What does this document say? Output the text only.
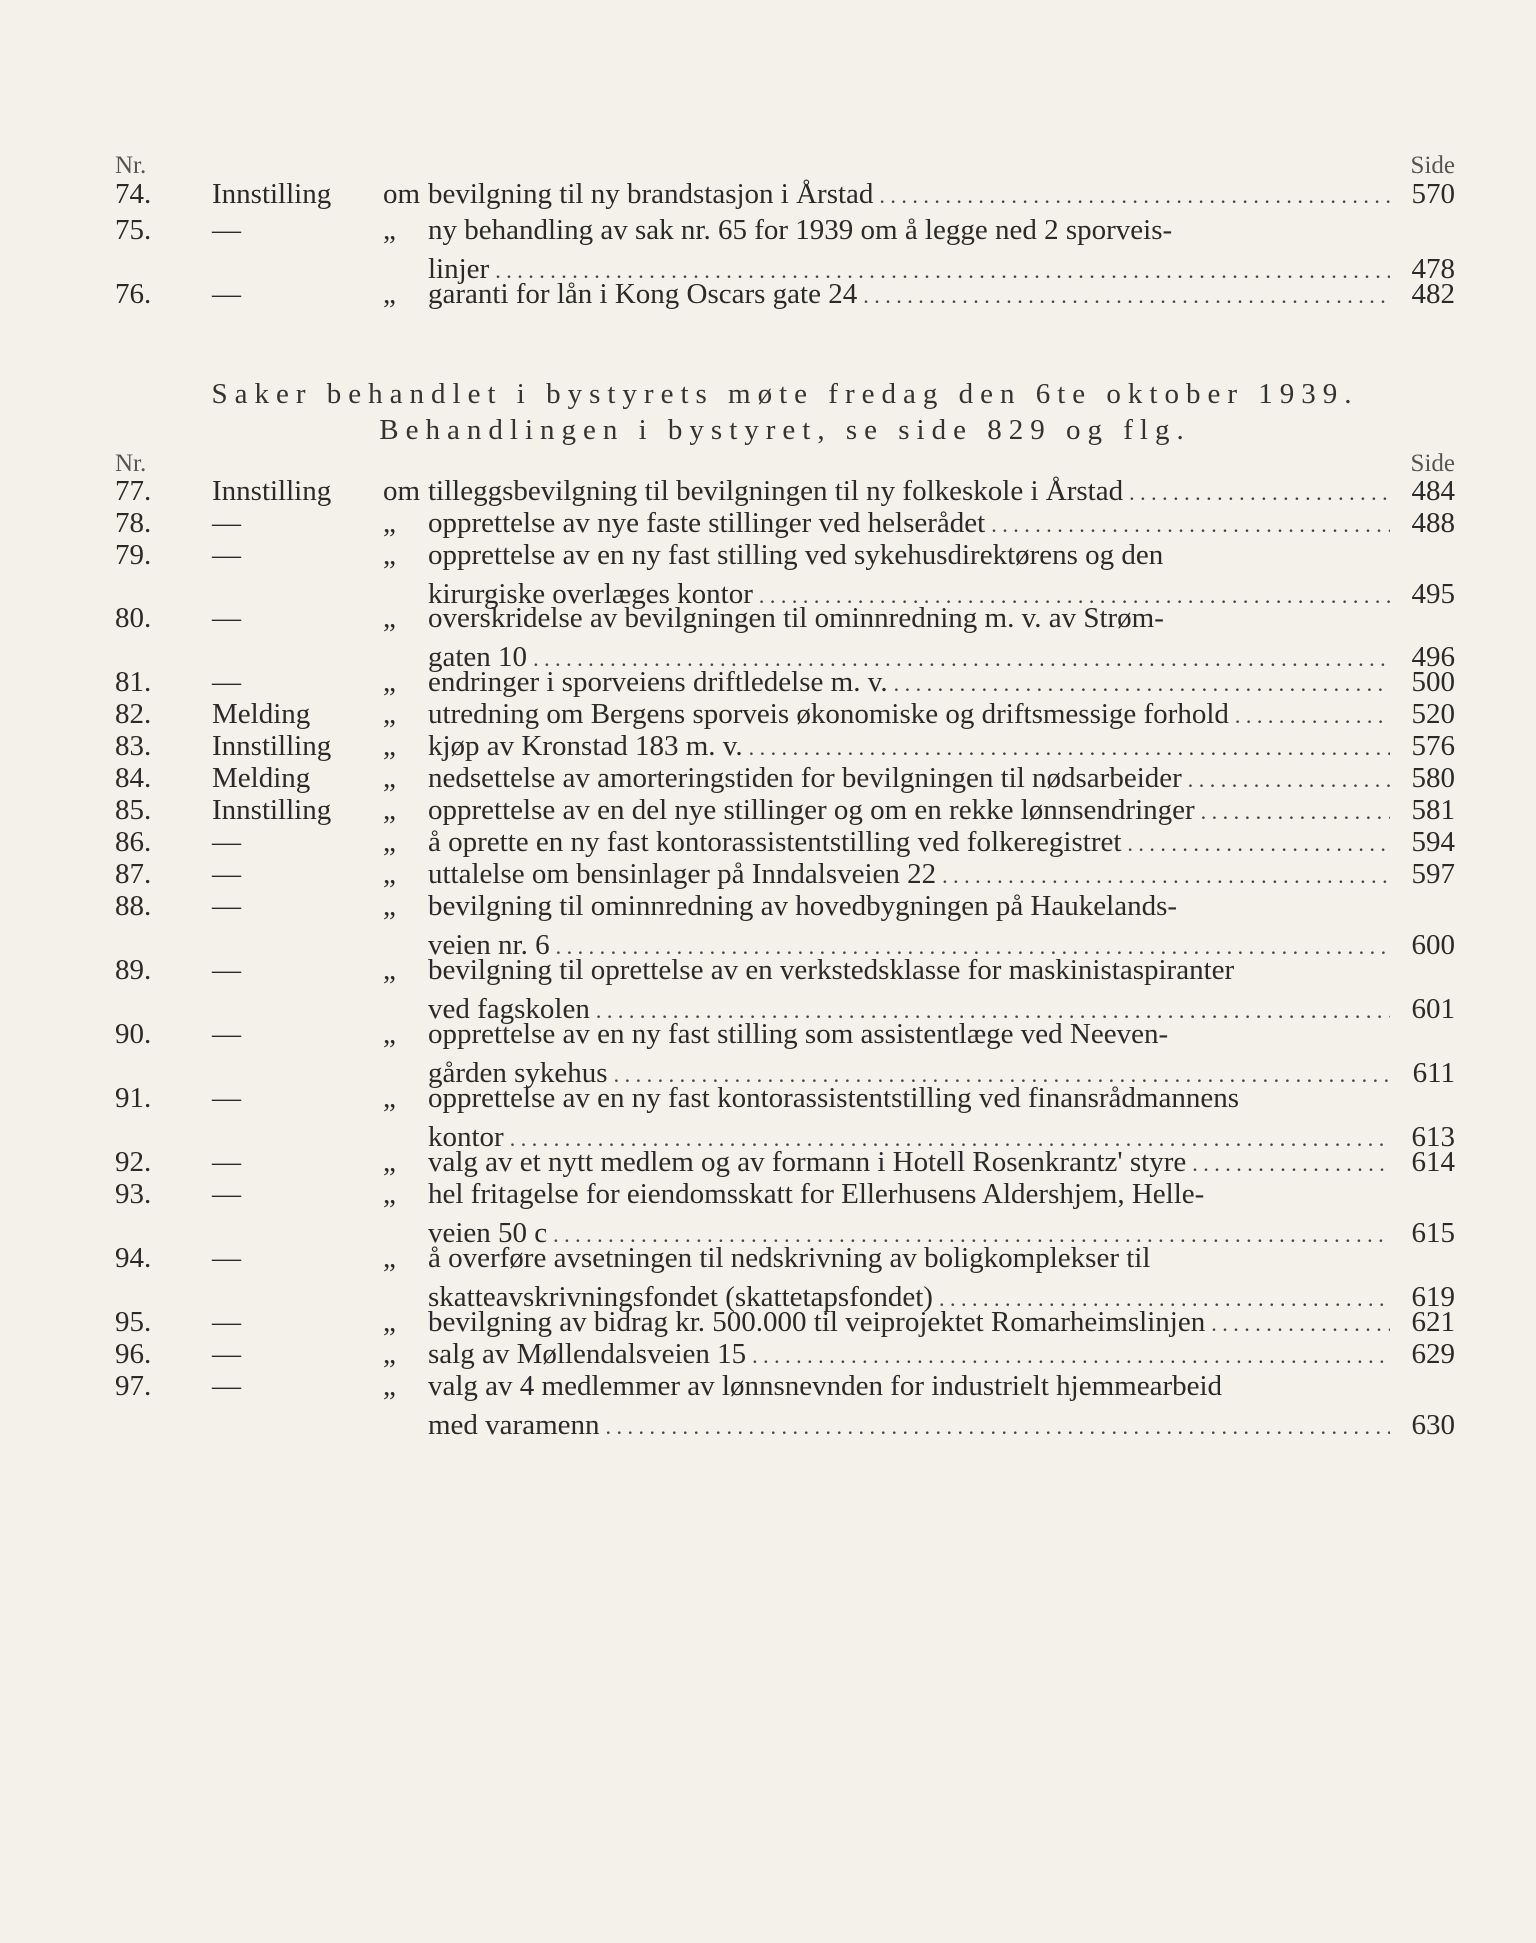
Nr.	Side
74. Innstilling om bevilgning til ny brandstasjon i Årstad . . .	570
75. —	„ ny behandling av sak nr. 65 for 1939 om å legge ned 2 sporveis-
linjer . . .	478
76. —	„ garanti for lån i Kong Oscars gate 24 . . .	482
Saker behandlet i bystyrets møte fredag den 6te oktober 1939.
Behandlingen i bystyret, se side 829 og flg.
Nr.	Side
77. Innstilling om tilleggsbevilgning til bevilgningen til ny folkeskole i Årstad . . .	484
78. —	„ opprettelse av nye faste stillinger ved helserådet . . .	488
79. —	„ opprettelse av en ny fast stilling ved sykehusdirektørens og den
kirurgiske overlæges kontor . . .	495
80. —	„ overskridelse av bevilgningen til ominnredning m. v. av Strøm-
gaten 10 . . .	496
81. —	„ endringer i sporveiens driftledelse m. v. . . .	500
82. Melding	„ utredning om Bergens sporveis økonomiske og driftsmessige forhold . . .	520
83. Innstilling „ kjøp av Kronstad 183 m. v. . . .	576
84. Melding	„ nedsettelse av amorteringstiden for bevilgningen til nødsarbeider . . .	580
85. Innstilling „ opprettelse av en del nye stillinger og om en rekke lønnsendringer . . .	581
86. —	„ å oprette en ny fast kontorassistentstilling ved folkeregistret . . .	594
87. —	„ uttalelse om bensinlager på Inndalsveien 22 . . .	597
88. —	„ bevilgning til ominnredning av hovedbygningen på Haukelands-
veien nr. 6 . . .	600
89. —	„ bevilgning til oprettelse av en verkstedsklasse for maskinistaspiranter
ved fagskolen . . .	601
90. —	„ opprettelse av en ny fast stilling som assistentlæge ved Neeven-
gården sykehus . . .	611
91. —	„ opprettelse av en ny fast kontorassistentstilling ved finansrådmannens
kontor . . .	613
92. —	„ valg av et nytt medlem og av formann i Hotell Rosenkrantz' styre . . .	614
93. —	„ hel fritagelse for eiendomsskatt for Ellerhusens Aldershjem, Helle-
veien 50 c . . .	615
94. —	„ å overføre avsetningen til nedskrivning av boligkomplekser til
skatteavskrivningsfondet (skattetapsfondet) . . .	619
95. —	„ bevilgning av bidrag kr. 500.000 til veiprojektet Romarheimslinjen . . .	621
96. —	„ salg av Møllendalsveien 15 . . .	629
97. —	„ valg av 4 medlemmer av lønnsnevnden for industrielt hjemmearbeid
med varamenn . . .	630
